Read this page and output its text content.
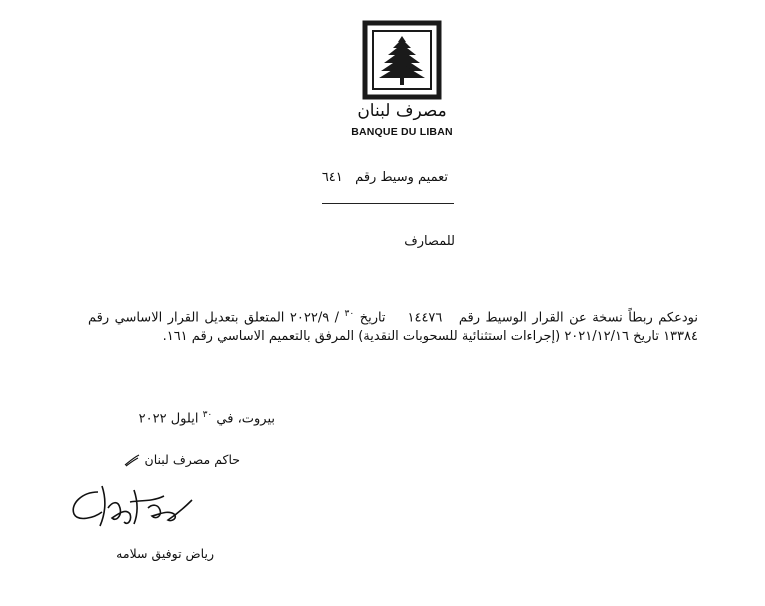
مصرف لبنان
BANQUE DU LIBAN
تعميم وسيط رقم   ٦٤١
للمصارف
نودعكم ربطاً نسخة عن القرار الوسيط رقم   ١٤٤٧٦    تاريخ $^{٣٠}$ / ٢٠٢٢/٩ المتعلق بتعديل القرار الاساسي رقم ١٣٣٨٤ تاريخ ٢٠٢١/١٢/١٦ (إجراءات استثنائية للسحوبات النقدية) المرفق بالتعميم الاساسي رقم ١٦١.
بيروت، في $^{٣٠}$ ايلول ٢٠٢٢
حاكم مصرف لبنان
رياض توفيق سلامه
